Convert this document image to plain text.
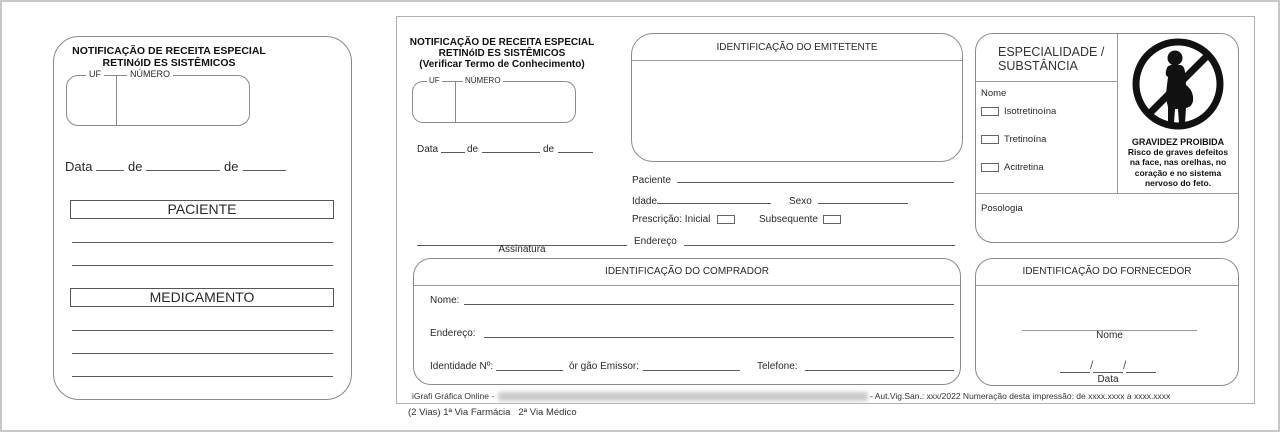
NOTIFICAÇÃO DE RECEITA ESPECIAL
RETINóID ES SISTÊMICOS
UF	NÚMERO
Data	de	de
PACIENTE
MEDICAMENTO
NOTIFICAÇÃO DE RECEITA ESPECIAL
RETINóID ES SISTÊMICOS
(Verificar Termo de Conhecimento)
UF	NÚMERO
Data	de	de
IDENTIFICAÇÃO DO EMITETENTE
Paciente
Idade	Sexo
Prescrição: Inicial	Subsequente
Assinatura
Endereço
ESPECIALIDADE /
SUBSTÂNCIA
Nome
Isotretinoína
Tretinoína
Acitretina
GRAVIDEZ PROIBIDA
Risco de graves defeitos
na face, nas orelhas, no
coração e no sistema
nervoso do feto.
Posologia
IDENTIFICAÇÃO DO COMPRADOR
Nome:
Endereço:
Identidade Nº:	ór gão Emissor:	Telefone:
IDENTIFICAÇÃO DO FORNECEDOR
Nome
/ /
Data
iGrafi Gráfica Online -	- Aut.Vig.San.: xxx/2022 Numeração desta impressão: de xxxx.xxxx a xxxx.xxxx
(2 Vias) 1ª Via Farmácia   2ª Via Médico
